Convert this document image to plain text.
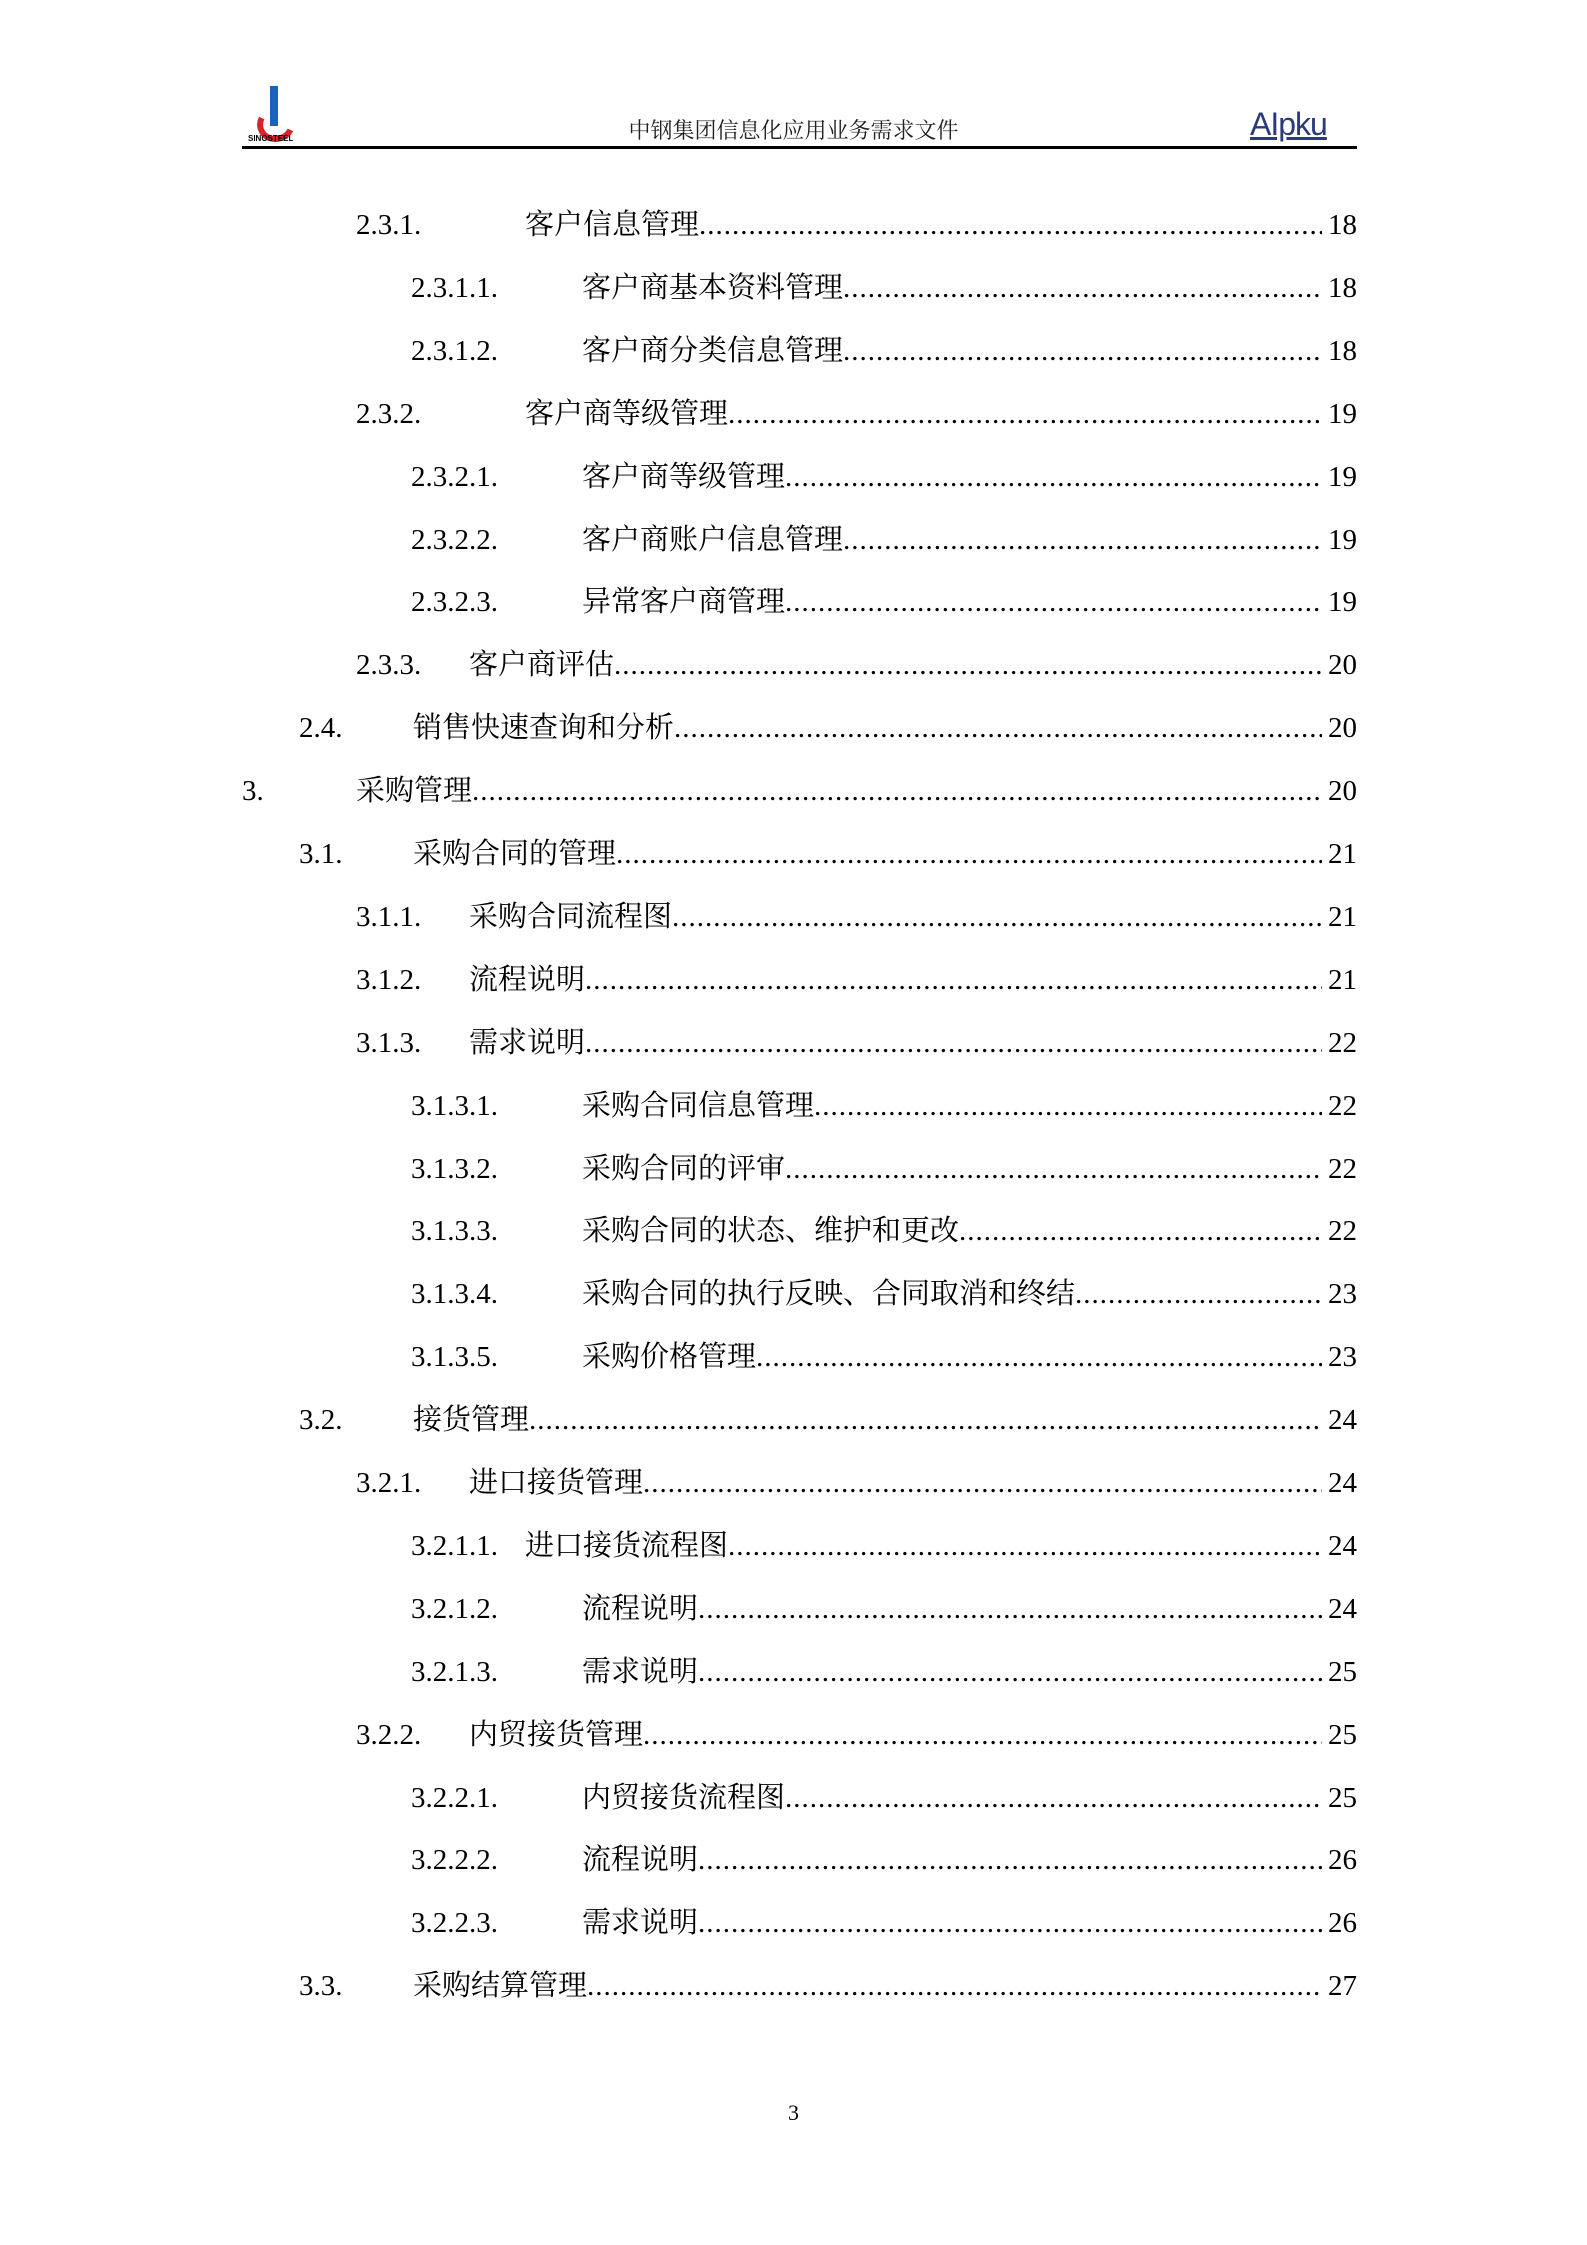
SINOSTEEL	中钢集团信息化应用业务需求文件	AIpku
2.3.1.	客户信息管理 .....	18
2.3.1.1.	客户商基本资料管理 .....	18
2.3.1.2.	客户商分类信息管理 .....	18
2.3.2.	客户商等级管理 .....	19
2.3.2.1.	客户商等级管理 .....	19
2.3.2.2.	客户商账户信息管理 .....	19
2.3.2.3.	异常客户商管理 .....	19
2.3.3. 客户商评估 .....	20
2.4. 销售快速查询和分析 .....	20
3.	采购管理 .....	20
3.1. 采购合同的管理 .....	21
3.1.1. 采购合同流程图 .....	21
3.1.2. 流程说明 .....	21
3.1.3. 需求说明 .....	22
3.1.3.1.	采购合同信息管理 .....	22
3.1.3.2.	采购合同的评审 .....	22
3.1.3.3.	采购合同的状态、维护和更改 .....	22
3.1.3.4.	采购合同的执行反映、合同取消和终结 .....	23
3.1.3.5.	采购价格管理 .....	23
3.2. 接货管理 .....	24
3.2.1. 进口接货管理 .....	24
3.2.1.1. 进口接货流程图 .....	24
3.2.1.2.	流程说明 .....	24
3.2.1.3.	需求说明 .....	25
3.2.2. 内贸接货管理 .....	25
3.2.2.1.	内贸接货流程图 .....	25
3.2.2.2.	流程说明 .....	26
3.2.2.3.	需求说明 .....	26
3.3. 采购结算管理 .....	27
3
